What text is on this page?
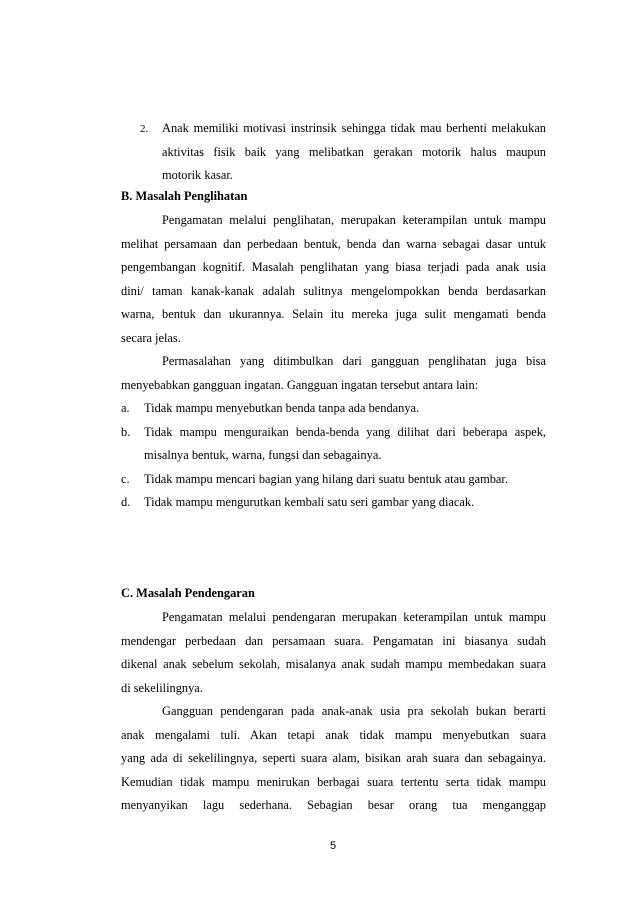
2. Anak memiliki motivasi instrinsik sehingga tidak mau berhenti melakukan
aktivitas fisik baik yang melibatkan gerakan motorik halus maupun
motorik kasar.
B. Masalah Penglihatan
Pengamatan melalui penglihatan, merupakan keterampilan untuk mampu
melihat persamaan dan perbedaan bentuk, benda dan warna sebagai dasar untuk
pengembangan kognitif. Masalah penglihatan yang biasa terjadi pada anak usia
dini/ taman kanak-kanak adalah sulitnya mengelompokkan benda berdasarkan
warna, bentuk dan ukurannya. Selain itu mereka juga sulit mengamati benda
secara jelas.
Permasalahan yang ditimbulkan dari gangguan penglihatan juga bisa
menyebabkan gangguan ingatan. Gangguan ingatan tersebut antara lain:
a. Tidak mampu menyebutkan benda tanpa ada bendanya.
b. Tidak mampu menguraikan benda-benda yang dilihat dari beberapa aspek,
misalnya bentuk, warna, fungsi dan sebagainya.
c. Tidak mampu mencari bagian yang hilang dari suatu bentuk atau gambar.
d. Tidak mampu mengurutkan kembali satu seri gambar yang diacak.
C. Masalah Pendengaran
Pengamatan melalui pendengaran merupakan keterampilan untuk mampu
mendengar perbedaan dan persamaan suara. Pengamatan ini biasanya sudah
dikenal anak sebelum sekolah, misalanya anak sudah mampu membedakan suara
di sekelilingnya.
Gangguan pendengaran pada anak-anak usia pra sekolah bukan berarti
anak mengalami tuli. Akan tetapi anak tidak mampu menyebutkan suara
yang ada di sekelilingnya, seperti suara alam, bisikan arah suara dan sebagainya.
Kemudian tidak mampu menirukan berbagai suara tertentu serta tidak mampu
menyanyikan lagu sederhana. Sebagian besar orang tua menganggap
5
